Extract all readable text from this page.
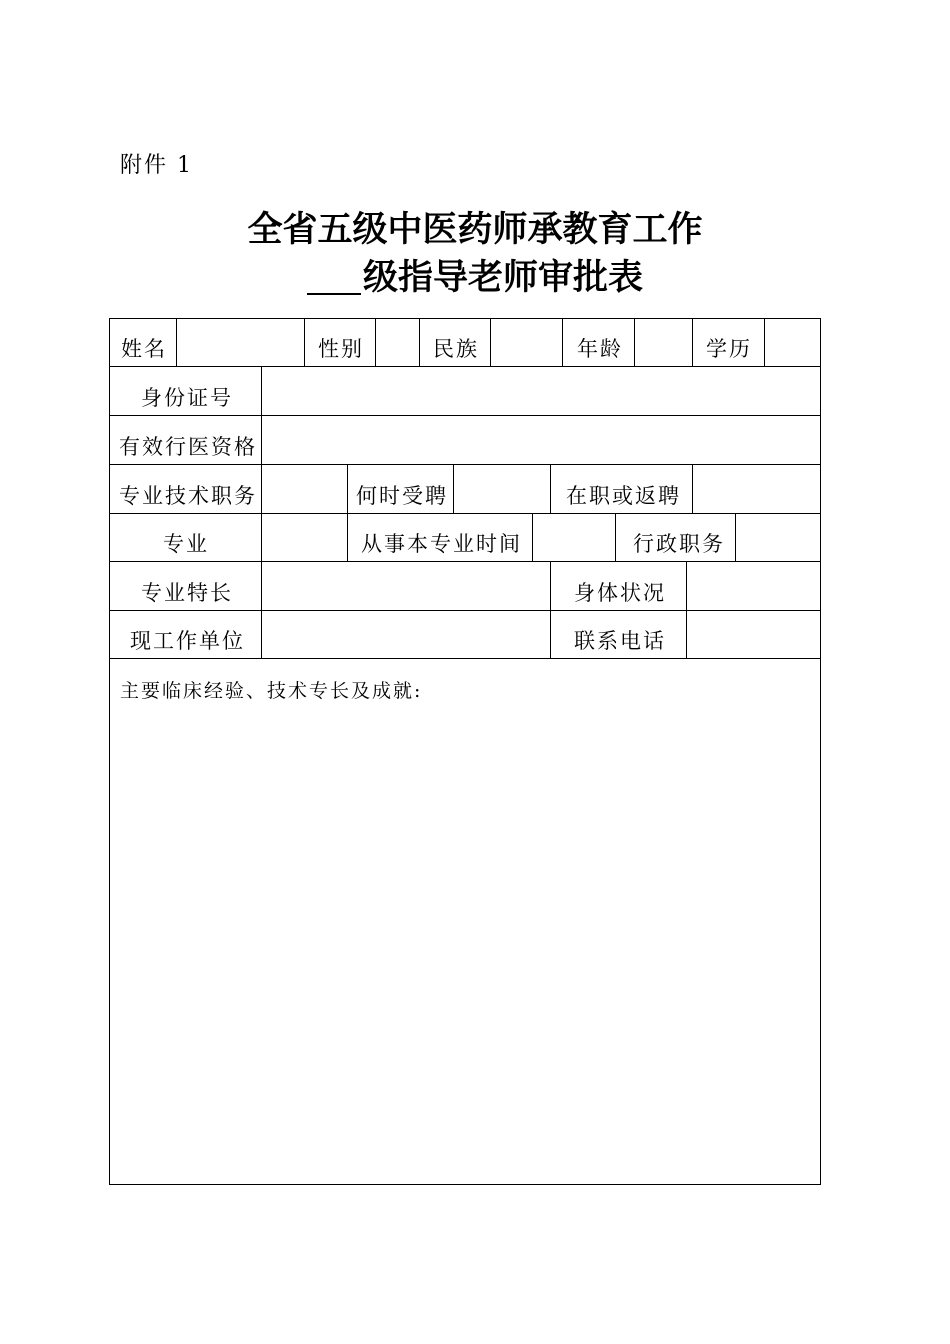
附件 1
全省五级中医药师承教育工作
级指导老师审批表
姓名	性别	民族	年龄	学历
身份证号
有效行医资格
专业技术职务	何时受聘	在职或返聘
专业	从事本专业时间	行政职务
专业特长	身体状况
现工作单位	联系电话
主要临床经验、技术专长及成就:
